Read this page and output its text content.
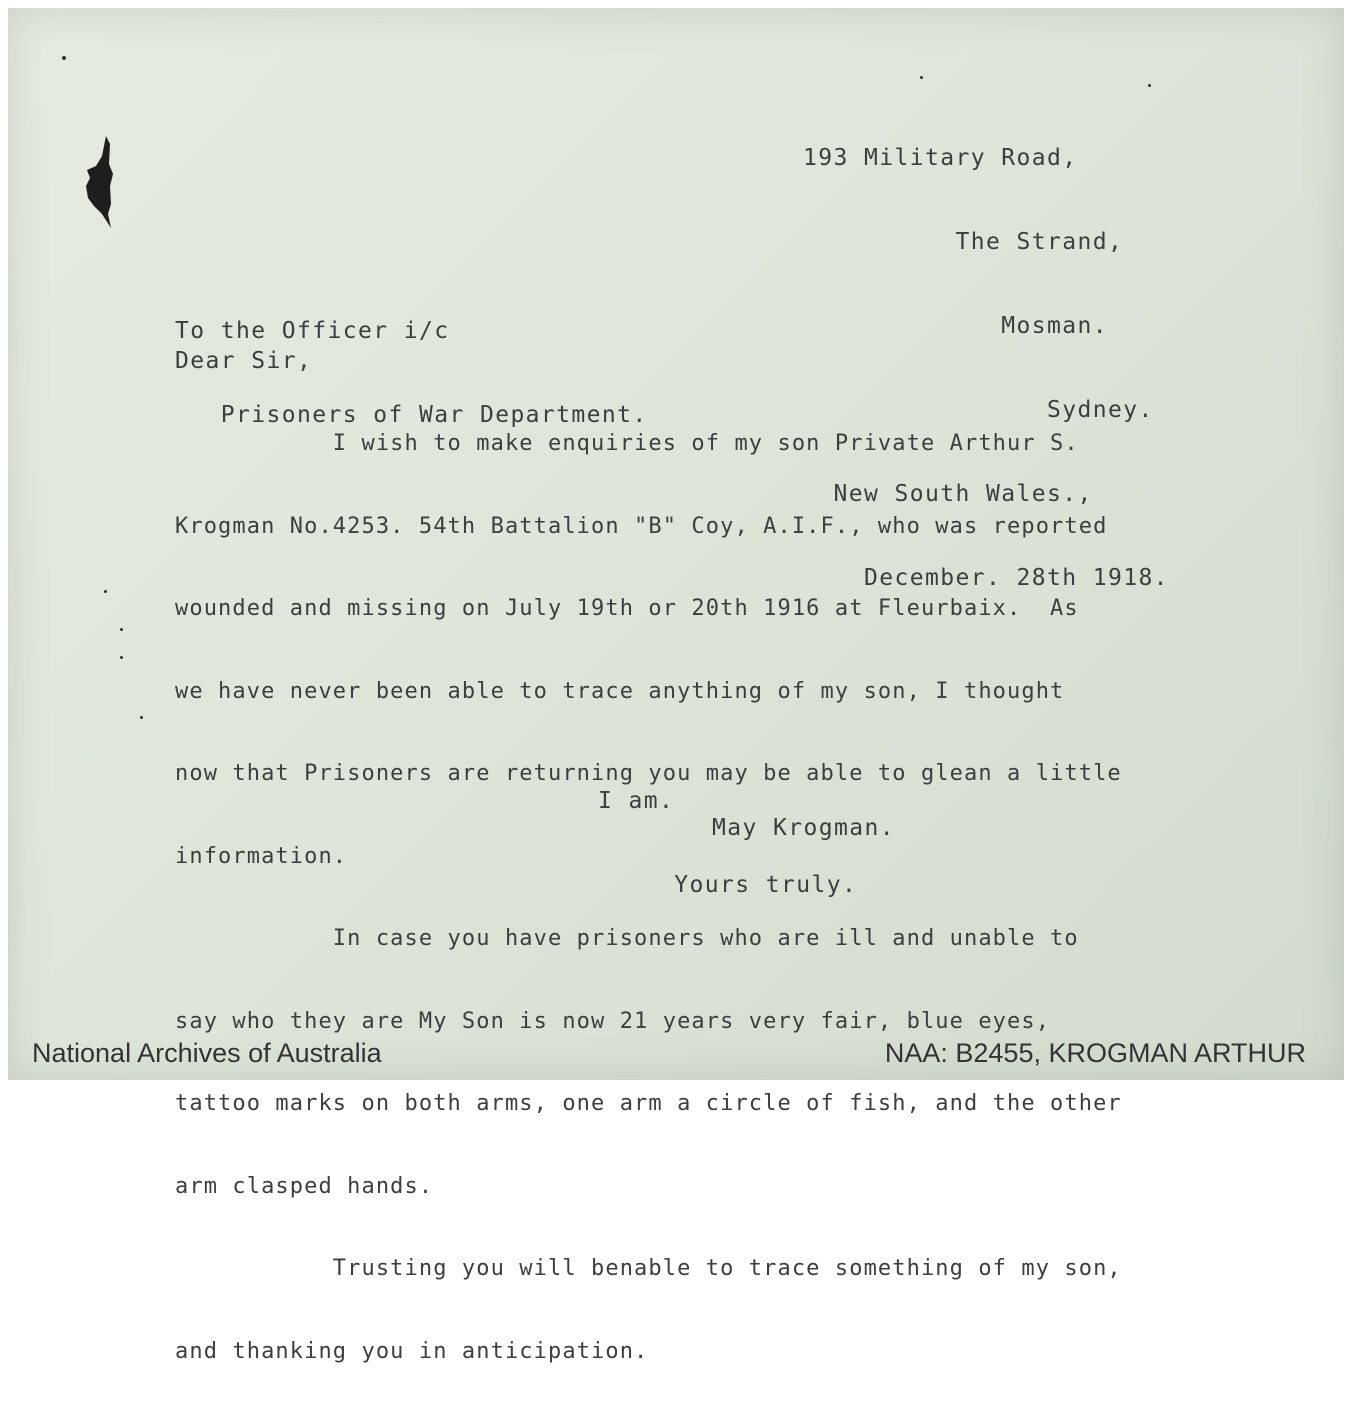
193 Military Road,

The Strand,

Mosman.

Sydney.

New South Wales.,

December. 28th 1918.

To the Officer i/c

Prisoners of War Department.

Dear Sir,

I wish to make enquiries of my son Private Arthur S.

Krogman No.4253. 54th Battalion "B" Coy, A.I.F., who was reported

wounded and missing on July 19th or 20th 1916 at Fleurbaix.  As

we have never been able to trace anything of my son, I thought

now that Prisoners are returning you may be able to glean a little

information.

In case you have prisoners who are ill and unable to

say who they are My Son is now 21 years very fair, blue eyes,

tattoo marks on both arms, one arm a circle of fish, and the other

arm clasped hands.

Trusting you will benable to trace something of my son,

and thanking you in anticipation.

I am.

Yours truly.

May Krogman.
National Archives of Australia	NAA: B2455, KROGMAN ARTHUR
